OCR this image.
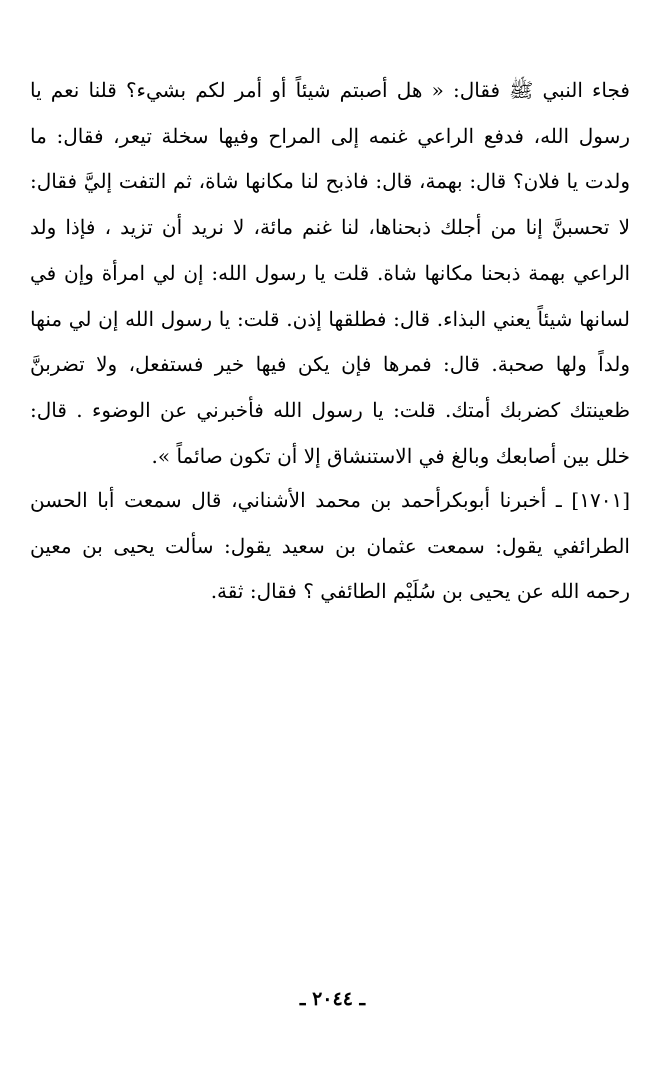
فجاء النبي ﷺ فقال: « هل أصبتم شيئاً أو أمر لكم بشيء؟ قلنا نعم يا رسول الله، فدفع الراعي غنمه إلى المراح وفيها سخلة تيعر، فقال: ما ولدت يا فلان؟ قال: بهمة، قال: فاذبح لنا مكانها شاة، ثم التفت إليَّ فقال: لا تحسبنَّ إنا من أجلك ذبحناها، لنا غنم مائة، لا نريد أن تزيد ، فإذا ولد الراعي بهمة ذبحنا مكانها شاة. قلت يا رسول الله: إن لي امرأة وإن في لسانها شيئاً يعني البذاء. قال: فطلقها إذن. قلت: يا رسول الله إن لي منها ولداً ولها صحبة. قال: فمرها فإن يكن فيها خير فستفعل، ولا تضربنَّ ظعينتك كضربك أمتك. قلت: يا رسول الله فأخبرني عن الوضوء . قال: خلل بين أصابعك وبالغ في الاستنشاق إلا أن تكون صائماً ».

[١٧٠١] ـ أخبرنا أبوبكرأحمد بن محمد الأشناني، قال سمعت أبا الحسن الطرائفي يقول: سمعت عثمان بن سعيد يقول: سألت يحيى بن معين رحمه الله عن يحيى بن سُلَيْم الطائفي ؟ فقال: ثقة.

ـ ٢٠٤٤ ـ
